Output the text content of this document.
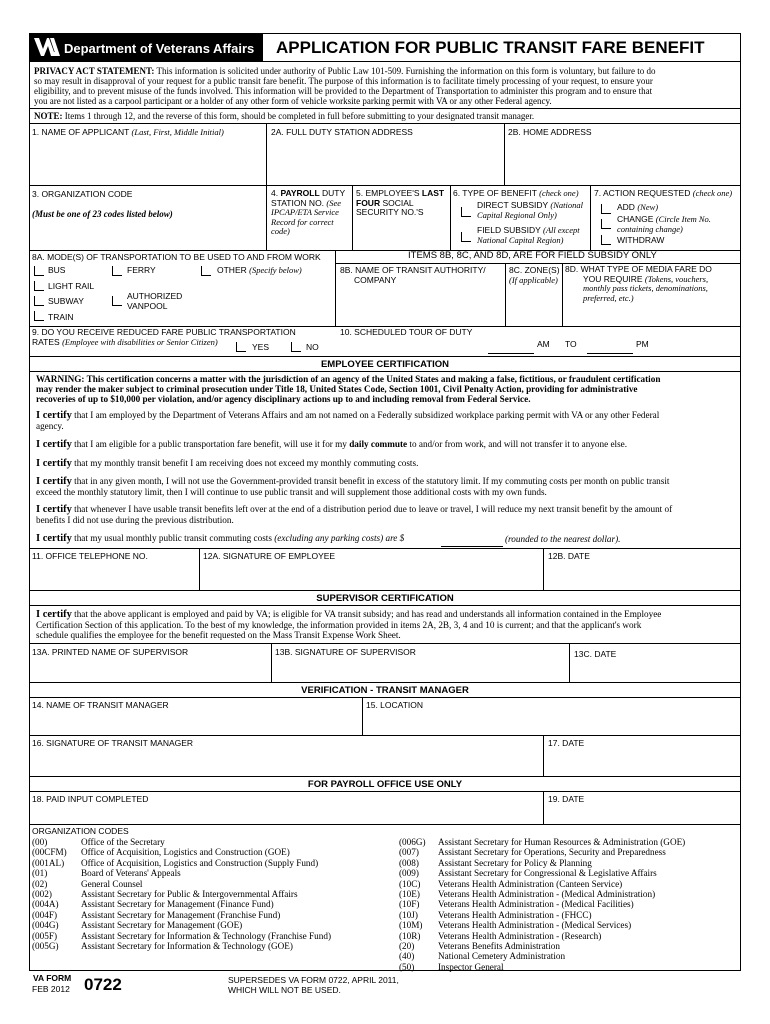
Department of Veterans Affairs APPLICATION FOR PUBLIC TRANSIT FARE BENEFIT
PRIVACY ACT STATEMENT: This information is solicited under authority of Public Law 101-509. Furnishing the information on this form is voluntary, but failure to do
so may result in disapproval of your request for a public transit fare benefit. The purpose of this information is to facilitate timely processing of your request, to ensure your
eligibility, and to prevent misuse of the funds involved. This information will be provided to the Department of Transportation to administer this program and to ensure that
you are not listed as a carpool participant or a holder of any other form of vehicle worksite parking permit with VA or any other Federal agency.
NOTE: Items 1 through 12, and the reverse of this form, should be completed in full before submitting to your designated transit manager.
1. NAME OF APPLICANT (Last, First, Middle Initial)	2A. FULL DUTY STATION ADDRESS	2B. HOME ADDRESS
3. ORGANIZATION CODE
(Must be one of 23 codes listed below)
4. PAYROLL DUTY
STATION NO. (See
IPCAP/ETA Service
Record for correct
code)
5. EMPLOYEE'S LAST
FOUR SOCIAL
SECURITY NO.'S
6. TYPE OF BENEFIT (check one)
DIRECT SUBSIDY (National
Capital Regional Only)
FIELD SUBSIDY (All except
National Capital Region)
7. ACTION REQUESTED (check one)
ADD (New)
CHANGE (Circle Item No.
containing change)
WITHDRAW
8A. MODE(S) OF TRANSPORTATION TO BE USED TO AND FROM WORK
BUS	FERRY	OTHER (Specify below)
LIGHT RAIL
SUBWAY	AUTHORIZED
VANPOOL
TRAIN
ITEMS 8B, 8C, AND 8D, ARE FOR FIELD SUBSIDY ONLY
8B. NAME OF TRANSIT AUTHORITY/
COMPANY
8C. ZONE(S)
(If applicable)
8D. WHAT TYPE OF MEDIA FARE DO
YOU REQUIRE (Tokens, vouchers,
monthly pass tickets, denominations,
preferred, etc.)
9. DO YOU RECEIVE REDUCED FARE PUBLIC TRANSPORTATION
RATES (Employee with disabilities or Senior Citizen)
YES	NO
10. SCHEDULED TOUR OF DUTY
AM TO	PM
EMPLOYEE CERTIFICATION
WARNING: This certification concerns a matter with the jurisdiction of an agency of the United States and making a false, fictitious, or fraudulent certification
may render the maker subject to criminal prosecution under Title 18, United States Code, Section 1001, Civil Penalty Action, providing for administrative
recoveries of up to $10,000 per violation, and/or agency disciplinary actions up to and including removal from Federal Service.
I certify that I am employed by the Department of Veterans Affairs and am not named on a Federally subsidized workplace parking permit with VA or any other Federal
agency.
I certify that I am eligible for a public transportation fare benefit, will use it for my daily commute to and/or from work, and will not transfer it to anyone else.
I certify that my monthly transit benefit I am receiving does not exceed my monthly commuting costs.
I certify that in any given month, I will not use the Government-provided transit benefit in excess of the statutory limit. If my commuting costs per month on public transit
exceed the monthly statutory limit, then I will continue to use public transit and will supplement those additional costs with my own funds.
I certify that whenever I have usable transit benefits left over at the end of a distribution period due to leave or travel, I will reduce my next transit benefit by the amount of
benefits I did not use during the previous distribution.
I certify that my usual monthly public transit commuting costs (excluding any parking costs) are $	(rounded to the nearest dollar).
11. OFFICE TELEPHONE NO.	12A. SIGNATURE OF EMPLOYEE	12B. DATE
SUPERVISOR CERTIFICATION
I certify that the above applicant is employed and paid by VA; is eligible for VA transit subsidy; and has read and understands all information contained in the Employee
Certification Section of this application. To the best of my knowledge, the information provided in items 2A, 2B, 3, 4 and 10 is current; and that the applicant's work
schedule qualifies the employee for the benefit requested on the Mass Transit Expense Work Sheet.
13A. PRINTED NAME OF SUPERVISOR	13B. SIGNATURE OF SUPERVISOR	13C. DATE
VERIFICATION - TRANSIT MANAGER
14. NAME OF TRANSIT MANAGER	15. LOCATION
16. SIGNATURE OF TRANSIT MANAGER	17. DATE
FOR PAYROLL OFFICE USE ONLY
18. PAID INPUT COMPLETED	19. DATE
ORGANIZATION CODES
(00)	Office of the Secretary
(00CFM) Office of Acquisition, Logistics and Construction (GOE)
(001AL) Office of Acquisition, Logistics and Construction (Supply Fund)
(01)	Board of Veterans' Appeals
(02)	General Counsel
(002)	Assistant Secretary for Public & Intergovernmental Affairs
(004A) Assistant Secretary for Management (Finance Fund)
(004F)	Assistant Secretary for Management (Franchise Fund)
(004G) Assistant Secretary for Management (GOE)
(005F)	Assistant Secretary for Information & Technology (Franchise Fund)
(005G) Assistant Secretary for Information & Technology (GOE)
(006G) Assistant Secretary for Human Resources & Administration (GOE)
(007) Assistant Secretary for Operations, Security and Preparedness
(008) Assistant Secretary for Policy & Planning
(009) Assistant Secretary for Congressional & Legislative Affairs
(10C) Veterans Health Administration (Canteen Service)
(10E) Veterans Health Administration - (Medical Administration)
(10F) Veterans Health Administration - (Medical Facilities)
(10J) Veterans Health Administration - (FHCC)
(10M) Veterans Health Administration - (Medical Services)
(10R) Veterans Health Administration - (Research)
(20)	Veterans Benefits Administration
(40)	National Cemetery Administration
(50)	Inspector General
VA FORM
FEB 2012 0722	SUPERSEDES VA FORM 0722, APRIL 2011,
WHICH WILL NOT BE USED.
